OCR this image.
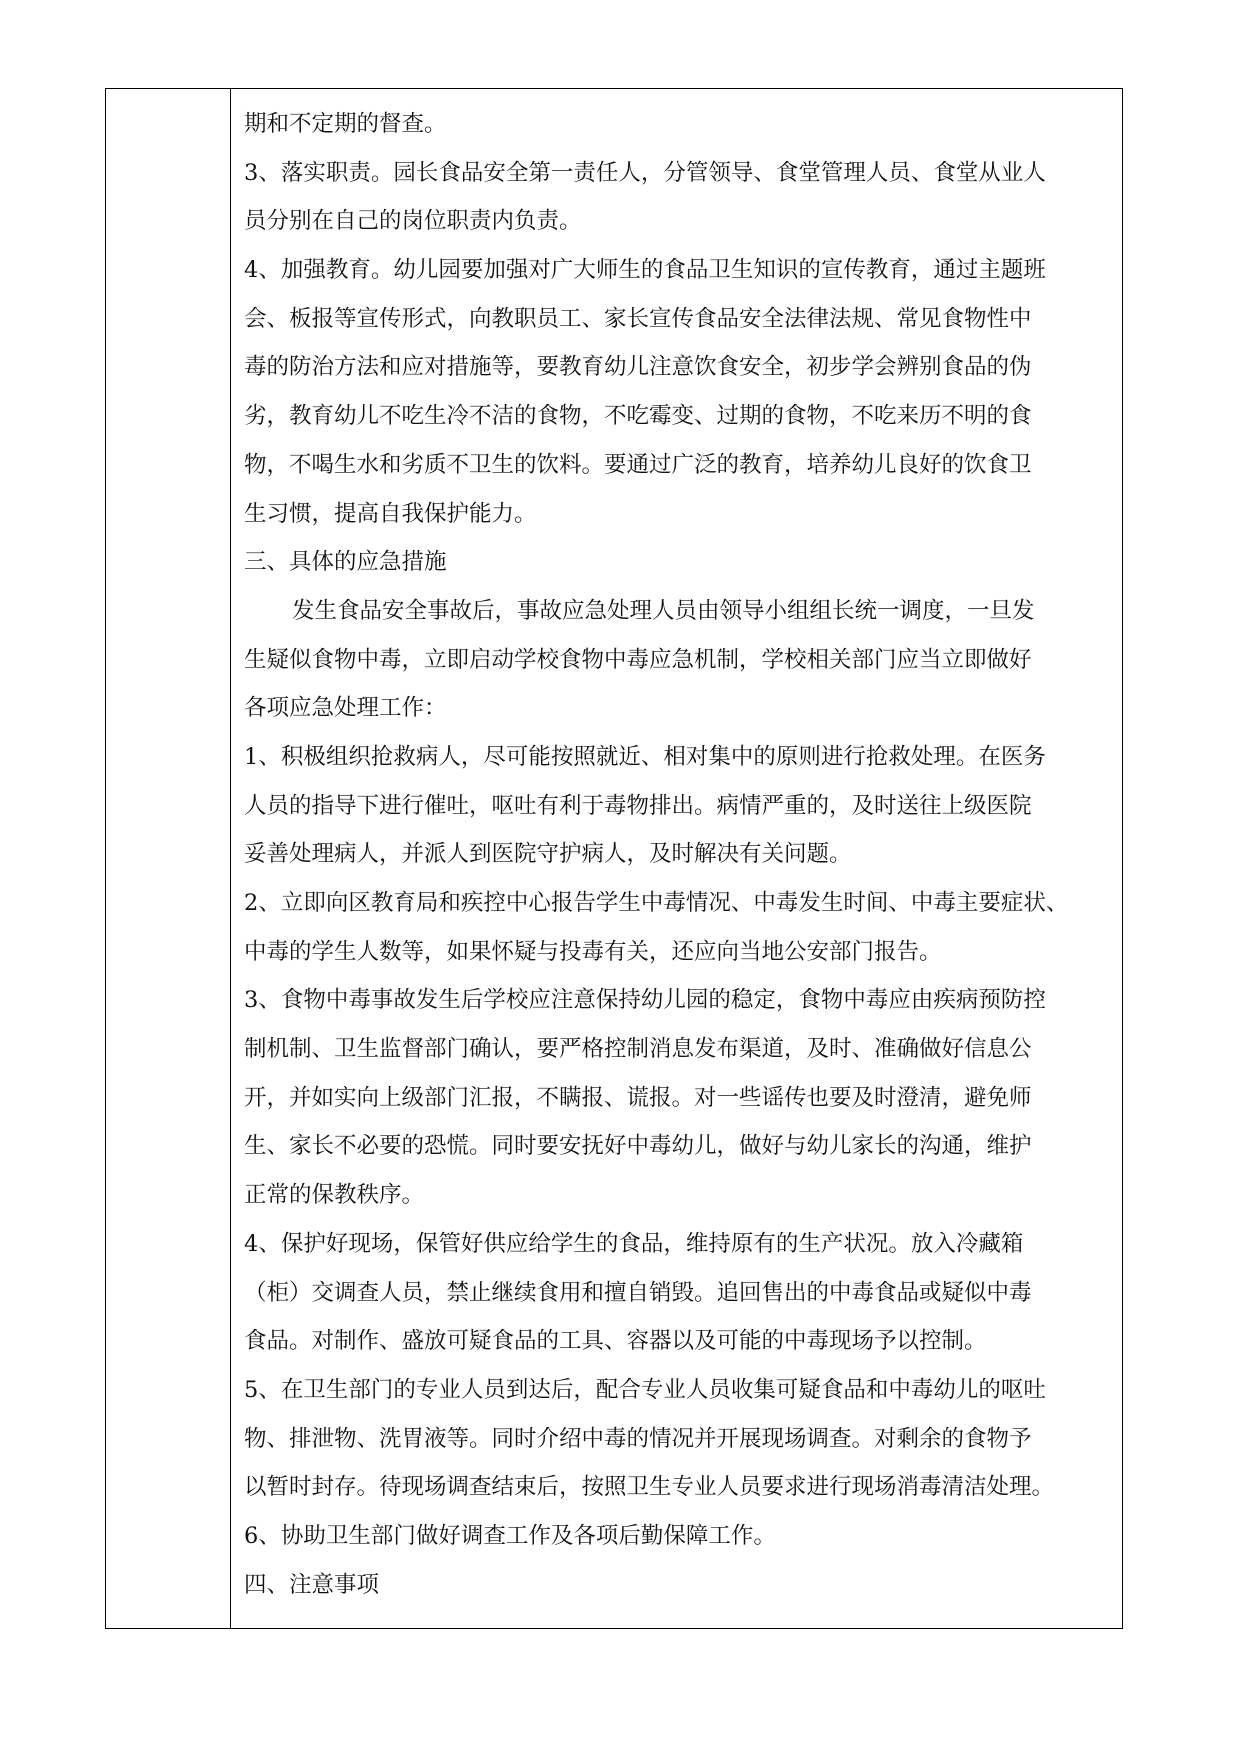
期和不定期的督查。
3、落实职责。园长食品安全第一责任人，分管领导、食堂管理人员、食堂从业人
员分别在自己的岗位职责内负责。
4、加强教育。幼儿园要加强对广大师生的食品卫生知识的宣传教育，通过主题班
会、板报等宣传形式，向教职员工、家长宣传食品安全法律法规、常见食物性中
毒的防治方法和应对措施等，要教育幼儿注意饮食安全，初步学会辨别食品的伪
劣，教育幼儿不吃生冷不洁的食物，不吃霉变、过期的食物，不吃来历不明的食
物，不喝生水和劣质不卫生的饮料。要通过广泛的教育，培养幼儿良好的饮食卫
生习惯，提高自我保护能力。
三、具体的应急措施
发生食品安全事故后，事故应急处理人员由领导小组组长统一调度，一旦发
生疑似食物中毒，立即启动学校食物中毒应急机制，学校相关部门应当立即做好
各项应急处理工作：
1、积极组织抢救病人，尽可能按照就近、相对集中的原则进行抢救处理。在医务
人员的指导下进行催吐，呕吐有利于毒物排出。病情严重的，及时送往上级医院
妥善处理病人，并派人到医院守护病人，及时解决有关问题。
2、立即向区教育局和疾控中心报告学生中毒情况、中毒发生时间、中毒主要症状、
中毒的学生人数等，如果怀疑与投毒有关，还应向当地公安部门报告。
3、食物中毒事故发生后学校应注意保持幼儿园的稳定，食物中毒应由疾病预防控
制机制、卫生监督部门确认，要严格控制消息发布渠道，及时、准确做好信息公
开，并如实向上级部门汇报，不瞒报、谎报。对一些谣传也要及时澄清，避免师
生、家长不必要的恐慌。同时要安抚好中毒幼儿，做好与幼儿家长的沟通，维护
正常的保教秩序。
4、保护好现场，保管好供应给学生的食品，维持原有的生产状况。放入冷藏箱
（柜）交调查人员，禁止继续食用和擅自销毁。追回售出的中毒食品或疑似中毒
食品。对制作、盛放可疑食品的工具、容器以及可能的中毒现场予以控制。
5、在卫生部门的专业人员到达后，配合专业人员收集可疑食品和中毒幼儿的呕吐
物、排泄物、洗胃液等。同时介绍中毒的情况并开展现场调查。对剩余的食物予
以暂时封存。待现场调查结束后，按照卫生专业人员要求进行现场消毒清洁处理。
6、协助卫生部门做好调查工作及各项后勤保障工作。
四、注意事项
